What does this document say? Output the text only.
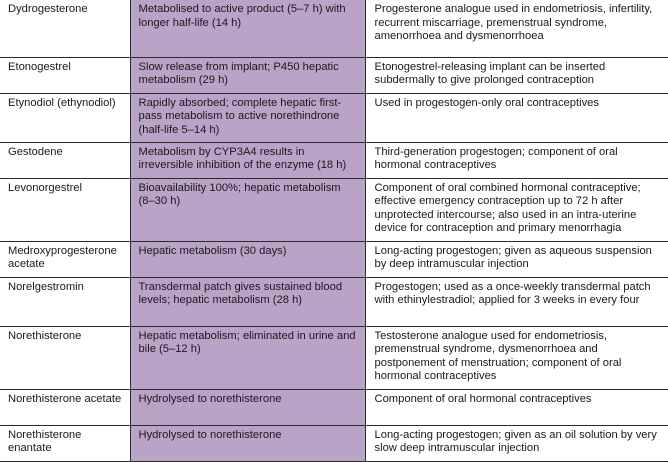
Dydrogesterone	Metabolised to active product (5–7 h) with longer half-life (14 h)	Progesterone analogue used in endometriosis, infertility, recurrent miscarriage, premenstrual syndrome, amenorrhoea and dysmenorrhoea
Etonogestrel	Slow release from implant; P450 hepatic metabolism (29 h)	Etonogestrel-releasing implant can be inserted subdermally to give prolonged contraception
Etynodiol (ethynodiol)	Rapidly absorbed; complete hepatic first-pass metabolism to active norethindrone (half-life 5–14 h)	Used in progestogen-only oral contraceptives
Gestodene	Metabolism by CYP3A4 results in irreversible inhibition of the enzyme (18 h)	Third-generation progestogen; component of oral hormonal contraceptives
Levonorgestrel	Bioavailability 100%; hepatic metabolism (8–30 h)	Component of oral combined hormonal contraceptive; effective emergency contraception up to 72 h after unprotected intercourse; also used in an intra-uterine device for contraception and primary menorrhagia
Medroxyprogesterone acetate	Hepatic metabolism (30 days)	Long-acting progestogen; given as aqueous suspension by deep intramuscular injection
Norelgestromin	Transdermal patch gives sustained blood levels; hepatic metabolism (28 h)	Progestogen; used as a once-weekly transdermal patch with ethinylestradiol; applied for 3 weeks in every four
Norethisterone	Hepatic metabolism; eliminated in urine and bile (5–12 h)	Testosterone analogue used for endometriosis, premenstrual syndrome, dysmenorrhoea and postponement of menstruation; component of oral hormonal contraceptives
Norethisterone acetate	Hydrolysed to norethisterone	Component of oral hormonal contraceptives
Norethisterone enantate	Hydrolysed to norethisterone	Long-acting progestogen; given as an oil solution by very slow deep intramuscular injection
